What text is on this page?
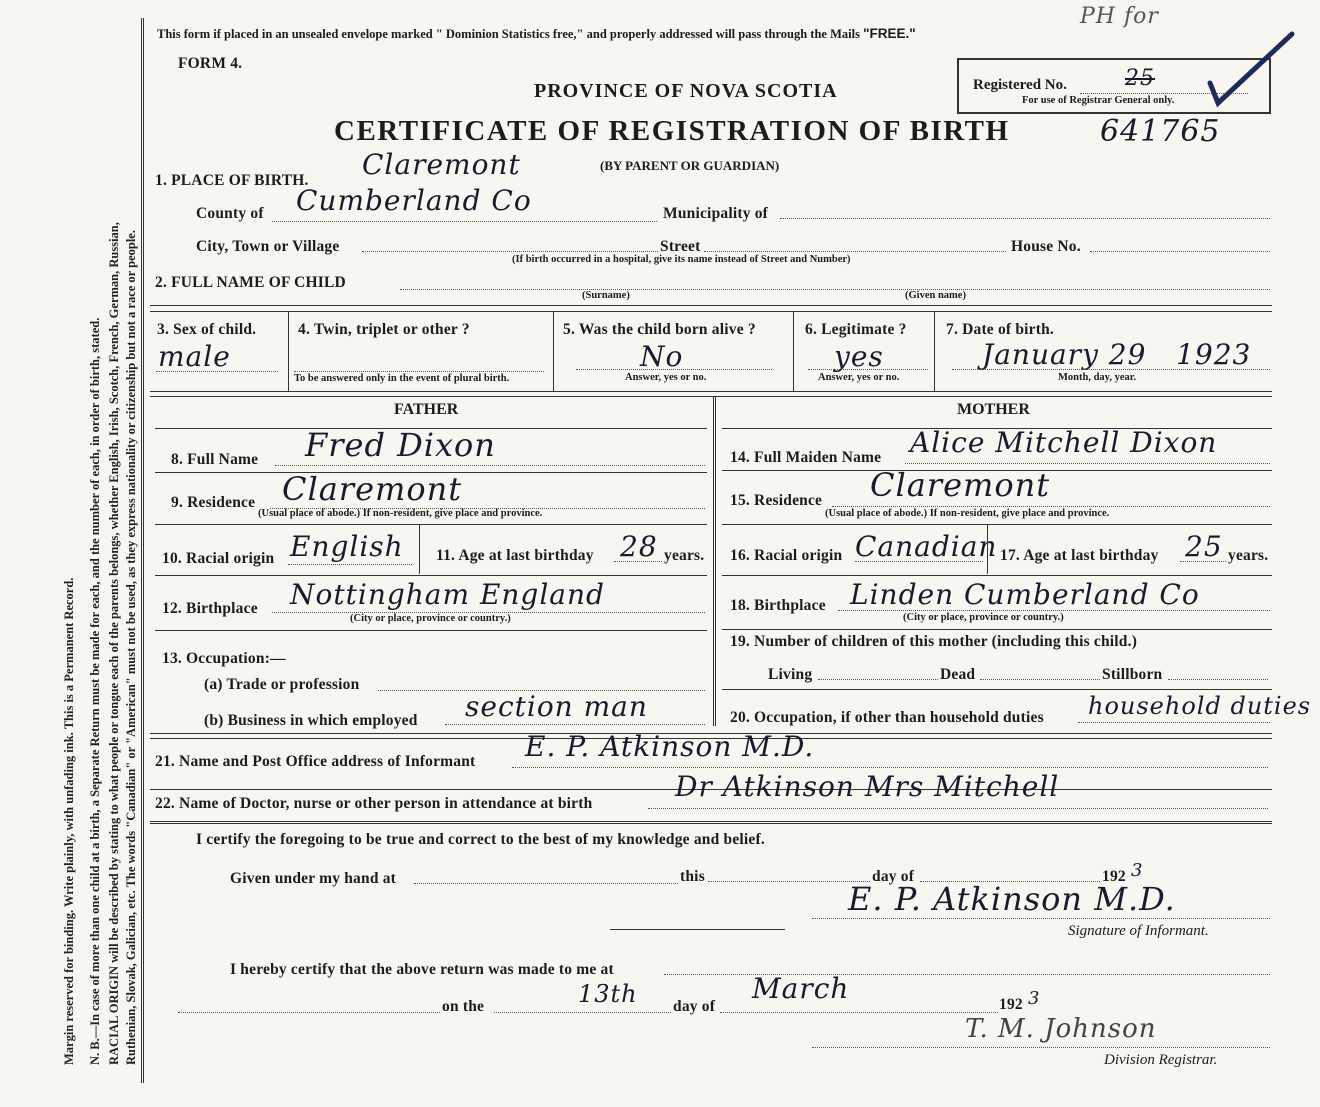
Margin reserved for binding. Write plainly, with unfading ink. This is a Permanent Record. N. B.—In case of more than one child at a birth, a Separate Return must be made for each, and the number of each, in order of birth, stated. RACIAL ORIGIN will be described by stating to what people or tongue each of the parents belongs, whether English, Irish, Scotch, French, German, Russian, Ruthenian, Slovak, Galician, etc. The words "Canadian" or "American" must not be used, as they express nationality or citizenship but not a race or people.
This form if placed in an unsealed envelope marked " Dominion Statistics free," and properly addressed will pass through the Mails "FREE."
PH for
FORM 4.
PROVINCE OF NOVA SCOTIA
CERTIFICATE OF REGISTRATION OF BIRTH	641765
(BY PARENT OR GUARDIAN)
Registered No.	25
For use of Registrar General only.
1. PLACE OF BIRTH. Claremont
County of Cumberland Co	Municipality of
City, Town or Village	Street	House No.
(If birth occurred in a hospital, give its name instead of Street and Number)
2. FULL NAME OF CHILD
(Surname)	(Given name)
3. Sex of child.
male
4. Twin, triplet or other ?
To be answered only in the event of plural birth.
5. Was the child born alive ?
No
Answer, yes or no.
6. Legitimate ?
yes
Answer, yes or no.
7. Date of birth.
January 29   1923
Month, day, year.
FATHER	MOTHER
8. Full Name Fred Dixon
9. Residence Claremont
(Usual place of abode.) If non-resident, give place and province.
10. Racial origin English 11. Age at last birthday 28 years.
12. Birthplace Nottingham England
(City or place, province or country.)
13. Occupation:—
(a) Trade or profession
(b) Business in which employed section man
14. Full Maiden Name Alice Mitchell Dixon
15. Residence Claremont
(Usual place of abode.) If non-resident, give place and province.
16. Racial origin Canadian 17. Age at last birthday 25 years.
18. Birthplace Linden Cumberland Co
(City or place, province or country.)
19. Number of children of this mother (including this child.)
Living	Dead	Stillborn
20. Occupation, if other than household duties household duties
21. Name and Post Office address of Informant E. P. Atkinson M.D.
22. Name of Doctor, nurse or other person in attendance at birth
Dr Atkinson Mrs Mitchell
I certify the foregoing to be true and correct to the best of my knowledge and belief.
Given under my hand at	this	day of	192 3
E. P. Atkinson M.D.
Signature of Informant.
I hereby certify that the above return was made to me at
on the	13th day of
March	192 3
T. M. Johnson
Division Registrar.
